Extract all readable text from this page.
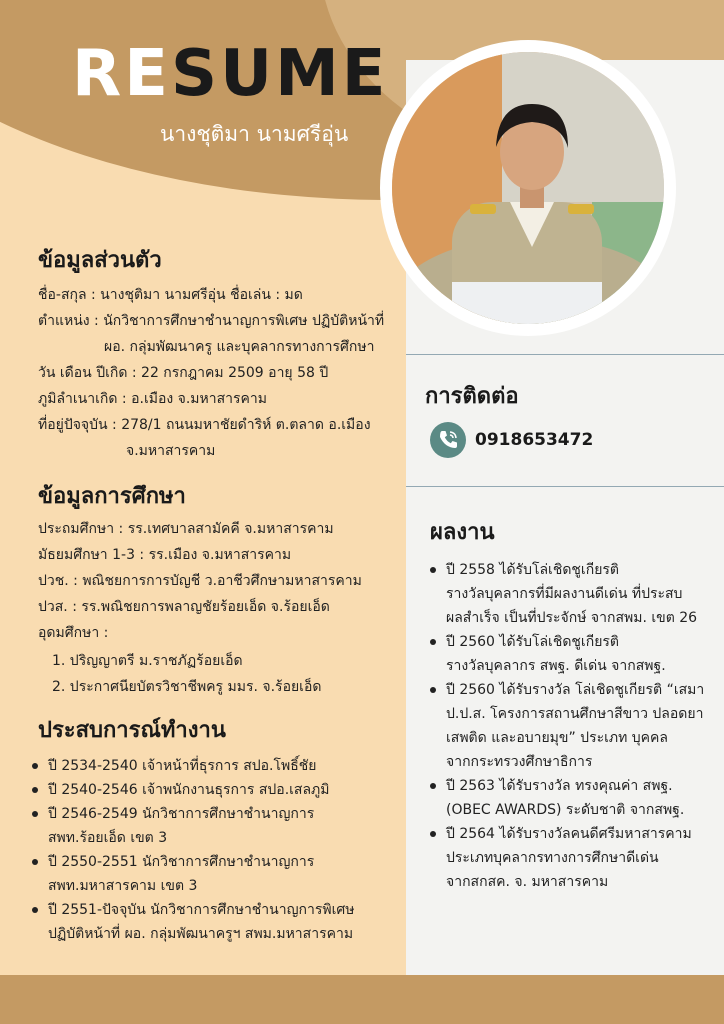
RESUME
นางชุติมา นามศรีอุ่น
ข้อมูลส่วนตัว
ชื่อ-สกุล : นางชุติมา นามศรีอุ่น ชื่อเล่น : มด
ตำแหน่ง : นักวิชาการศึกษาชำนาญการพิเศษ ปฏิบัติหน้าที่
ผอ. กลุ่มพัฒนาครู และบุคลากรทางการศึกษา
วัน เดือน ปีเกิด : 22 กรกฎาคม 2509 อายุ 58 ปี
ภูมิลำเนาเกิด : อ.เมือง จ.มหาสารคาม
ที่อยู่ปัจจุบัน : 278/1 ถนนมหาชัยดำริห์ ต.ตลาด อ.เมือง
จ.มหาสารคาม
ข้อมูลการศึกษา
ประถมศึกษา : รร.เทศบาลสามัคคี จ.มหาสารคาม
มัธยมศึกษา 1-3 : รร.เมือง จ.มหาสารคาม
ปวช. : พณิชยการการบัญชี ว.อาชีวศึกษามหาสารคาม
ปวส. : รร.พณิชยการพลาญชัยร้อยเอ็ด จ.ร้อยเอ็ด
อุดมศึกษา :
1. ปริญญาตรี ม.ราชภัฏร้อยเอ็ด
2. ประกาศนียบัตรวิชาชีพครู มมร. จ.ร้อยเอ็ด
ประสบการณ์ทำงาน
ปี 2534-2540 เจ้าหน้าที่ธุรการ สปอ.โพธิ์ชัย
ปี 2540-2546 เจ้าพนักงานธุรการ สปอ.เสลภูมิ
ปี 2546-2549 นักวิชาการศึกษาชำนาญการ
สพท.ร้อยเอ็ด เขต 3
ปี 2550-2551 นักวิชาการศึกษาชำนาญการ
สพท.มหาสารคาม เขต 3
ปี 2551-ปัจจุบัน นักวิชาการศึกษาชำนาญการพิเศษ
ปฏิบัติหน้าที่ ผอ. กลุ่มพัฒนาครูฯ สพม.มหาสารคาม
การติดต่อ
0918653472
ผลงาน
ปี 2558 ได้รับโล่เชิดชูเกียรติ
รางวัลบุคลากรที่มีผลงานดีเด่น ที่ประสบ
ผลสำเร็จ เป็นที่ประจักษ์ จากสพม. เขต 26
ปี 2560 ได้รับโล่เชิดชูเกียรติ
รางวัลบุคลากร สพฐ. ดีเด่น จากสพฐ.
ปี 2560 ได้รับรางวัล โล่เชิดชูเกียรติ “เสมา
ป.ป.ส. โครงการสถานศึกษาสีขาว ปลอดยา
เสพติด และอบายมุข” ประเภท บุคคล
จากกระทรวงศึกษาธิการ
ปี 2563 ได้รับรางวัล ทรงคุณค่า สพฐ.
(OBEC AWARDS) ระดับชาติ จากสพฐ.
ปี 2564 ได้รับรางวัลคนดีศรีมหาสารคาม
ประเภทบุคลากรทางการศึกษาดีเด่น
จากสกสค. จ. มหาสารคาม
